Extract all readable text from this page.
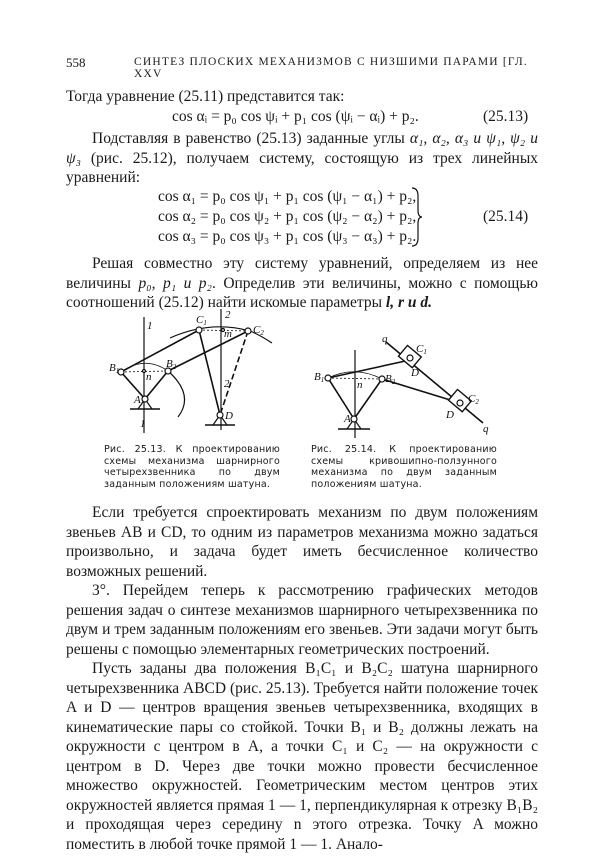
558	СИНТЕЗ ПЛОСКИХ МЕХАНИЗМОВ С НИЗШИМИ ПАРАМИ [ГЛ. XXV
Тогда уравнение (25.11) представится так:
cos αᵢ = p₀ cos ψᵢ + p₁ cos (ψᵢ − αᵢ) + p₂.	(25.13)
Подставляя в равенство (25.13) заданные углы α₁, α₂, α₃ и ψ₁, ψ₂ и ψ₃ (рис. 25.12), получаем систему, состоящую из трех линейных уравнений:
cos α₁ = p₀ cos ψ₁ + p₁ cos (ψ₁ − α₁) + p₂,
cos α₂ = p₀ cos ψ₂ + p₁ cos (ψ₂ − α₂) + p₂,
cos α₃ = p₀ cos ψ₃ + p₁ cos (ψ₃ − α₃) + p₂.
(25.14)
Решая совместно эту систему уравнений, определяем из нее величины p₀, p₁ и p₂. Определив эти величины, можно с помощью соотношений (25.12) найти искомые параметры l, r и d.
1
1
2
2
C1
C2
m
B1
B2
n
A
D
q
q
C1
C2
D
D
B1	B2
n
A
Рис. 25.13. К проектированию схемы механизма шарнирного четырехзвенника по двум заданным положениям шатуна.
Рис. 25.14. К проектированию схемы кривошипно-ползунного механизма по двум заданным положениям шатуна.
Если требуется спроектировать механизм по двум положениям звеньев AB и CD, то одним из параметров механизма можно задаться произвольно, и задача будет иметь бесчисленное количество возможных решений.
3°. Перейдем теперь к рассмотрению графических методов решения задач о синтезе механизмов шарнирного четырехзвенника по двум и трем заданным положениям его звеньев. Эти задачи могут быть решены с помощью элементарных геометрических построений.
Пусть заданы два положения B₁C₁ и B₂C₂ шатуна шарнирного четырехзвенника ABCD (рис. 25.13). Требуется найти положение точек A и D — центров вращения звеньев четырехзвенника, входящих в кинематические пары со стойкой. Точки B₁ и B₂ должны лежать на окружности с центром в A, а точки C₁ и C₂ — на окружности с центром в D. Через две точки можно провести бесчисленное множество окружностей. Геометрическим местом центров этих окружностей является прямая 1 — 1, перпендикулярная к отрезку B₁B₂ и проходящая через середину n этого отрезка. Точку A можно поместить в любой точке прямой 1 — 1. Анало-
